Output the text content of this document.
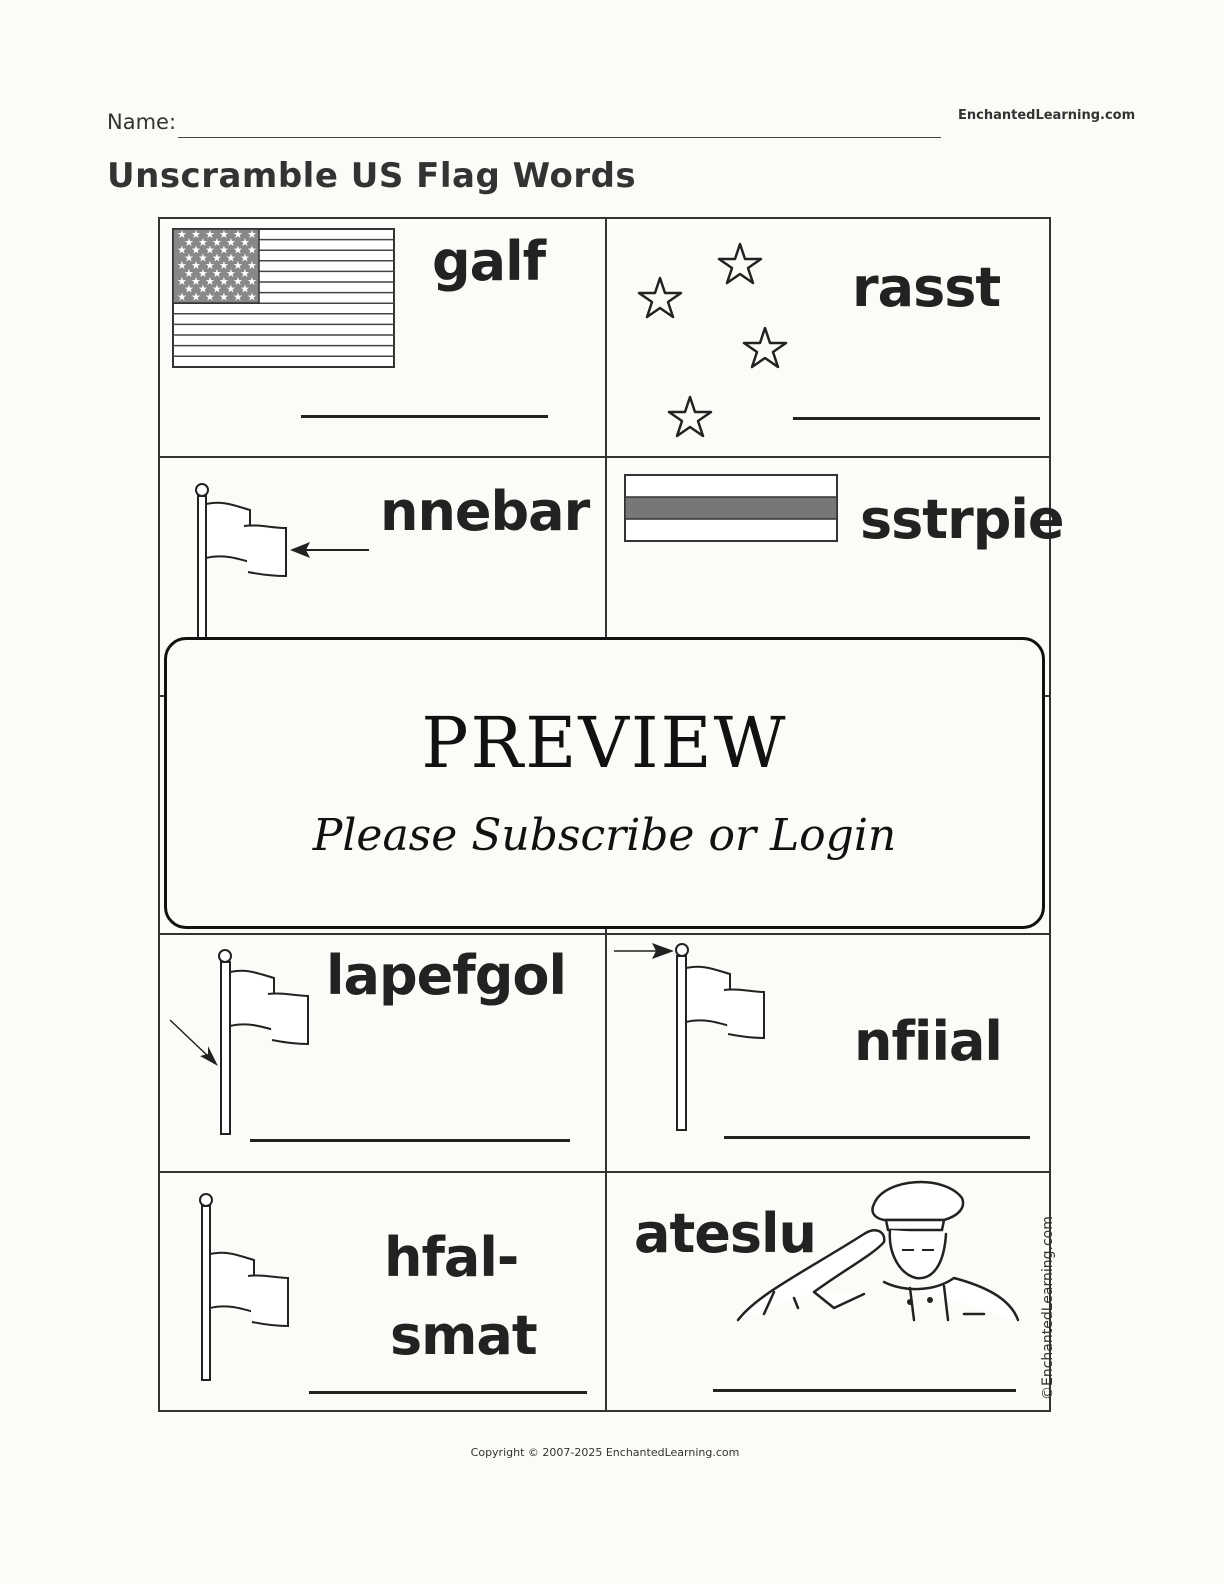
Name:	EnchantedLearning.com
Unscramble US Flag Words
★ ★ ★ ★ ★ ★
★ ★ ★ ★ ★
★ ★ ★ ★ ★ ★
★ ★ ★ ★ ★
★ ★ ★ ★ ★ ★
★ ★ ★ ★ ★
★ ★ ★ ★ ★ ★
★ ★ ★ ★ ★
★ ★ ★ ★ ★ ★
galf	rasst
nnebar	sstrpie
lapefgol
nfiial
hfal-
smat
ateslu	©EnchantedLearning.com
PREVIEW
Please Subscribe or Login
Copyright © 2007-2025 EnchantedLearning.com
